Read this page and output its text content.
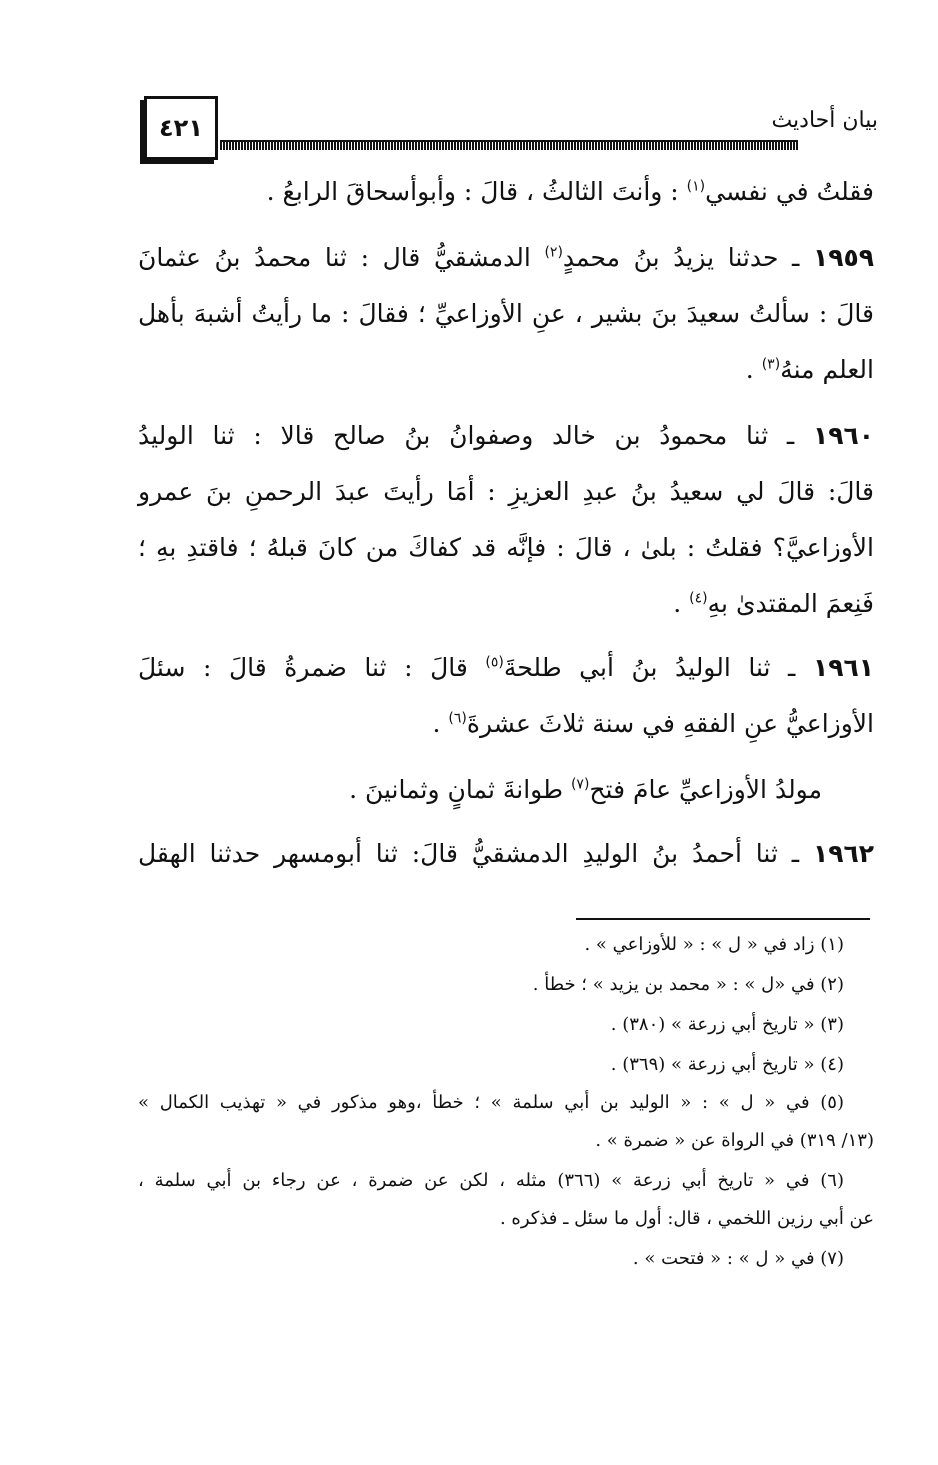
٤٢١	بيان أحاديث
فقلتُ في نفسي$^{(١)}$ : وأنتَ الثالثُ ، قالَ : وأبوأسحاقَ الرابعُ .
١٩٥٩ ـ حدثنا يزيدُ بنُ محمدٍ$^{(٢)}$ الدمشقيُّ قال : ثنا محمدُ بنُ عثمانَ
قالَ : سألتُ سعيدَ بنَ بشير ، عنِ الأوزاعيِّ ؛ فقالَ : ما رأيتُ أشبهَ بأهل
العلم منهُ$^{(٣)}$ .
١٩٦٠ ـ ثنا محمودُ بن خالد وصفوانُ بنُ صالح قالا : ثنا الوليدُ
قالَ: قالَ لي سعيدُ بنُ عبدِ العزيزِ : أمَا رأيتَ عبدَ الرحمنِ بنَ عمرو
الأوزاعيَّ؟ فقلتُ : بلىٰ ، قالَ : فإنَّه قد كفاكَ من كانَ قبلهُ ؛ فاقتدِ بهِ ؛
فَنِعمَ المقتدىٰ بهِ$^{(٤)}$ .
١٩٦١ ـ ثنا الوليدُ بنُ أبي طلحةَ$^{(٥)}$ قالَ : ثنا ضمرةُ قالَ : سئلَ
الأوزاعيُّ عنِ الفقهِ في سنة ثلاثَ عشرةَ$^{(٦)}$ .
مولدُ الأوزاعيِّ عامَ فتح$^{(٧)}$ طوانةَ ثمانٍ وثمانينَ .
١٩٦٢ ـ ثنا أحمدُ بنُ الوليدِ الدمشقيُّ قالَ: ثنا أبومسهر حدثنا الهقل
(١) زاد في « ل » : « للأوزاعي » .
(٢) في «ل » : « محمد بن يزيد » ؛ خطأ .
(٣) « تاريخ أبي زرعة » (٣٨٠) .
(٤) « تاريخ أبي زرعة » (٣٦٩) .
(٥) في « ل » : « الوليد بن أبي سلمة » ؛ خطأ ،وهو مذكور في « تهذيب الكمال »
(١٣/ ٣١٩) في الرواة عن « ضمرة » .
(٦) في « تاريخ أبي زرعة » (٣٦٦) مثله ، لكن عن ضمرة ، عن رجاء بن أبي سلمة ،
عن أبي رزين اللخمي ، قال: أول ما سئل ـ فذكره .
(٧) في « ل » : « فتحت » .
